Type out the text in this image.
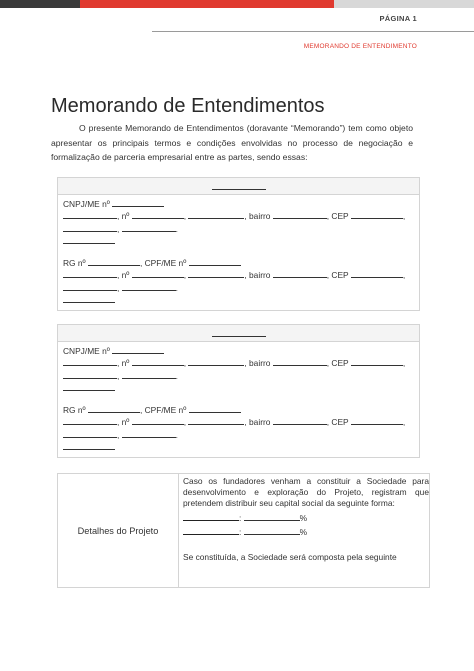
PÁGINA 1
MEMORANDO DE ENTENDIMENTO
Memorando de Entendimentos

O presente Memorando de Entendimentos (doravante “Memorando”) tem como objeto apresentar os principais termos e condições envolvidas no processo de negociação e formalização de parceria empresarial entre as partes, sendo essas:

CNPJ/ME nº
, nº	,	, bairro	, CEP	,
,	.
RG nº	, CPF/ME nº
, nº	,	, bairro	, CEP	,
,	.
CNPJ/ME nº
, nº	,	, bairro	, CEP	,
,	.
RG nº	, CPF/ME nº
, nº	,	, bairro	, CEP	,
,	.
Detalhes do Projeto
Caso os fundadores venham a constituir a Sociedade para desenvolvimento e exploração do Projeto, registram que pretendem distribuir seu capital social da seguinte forma:
:	%
:	%
Se constituída, a Sociedade será composta pela seguinte
